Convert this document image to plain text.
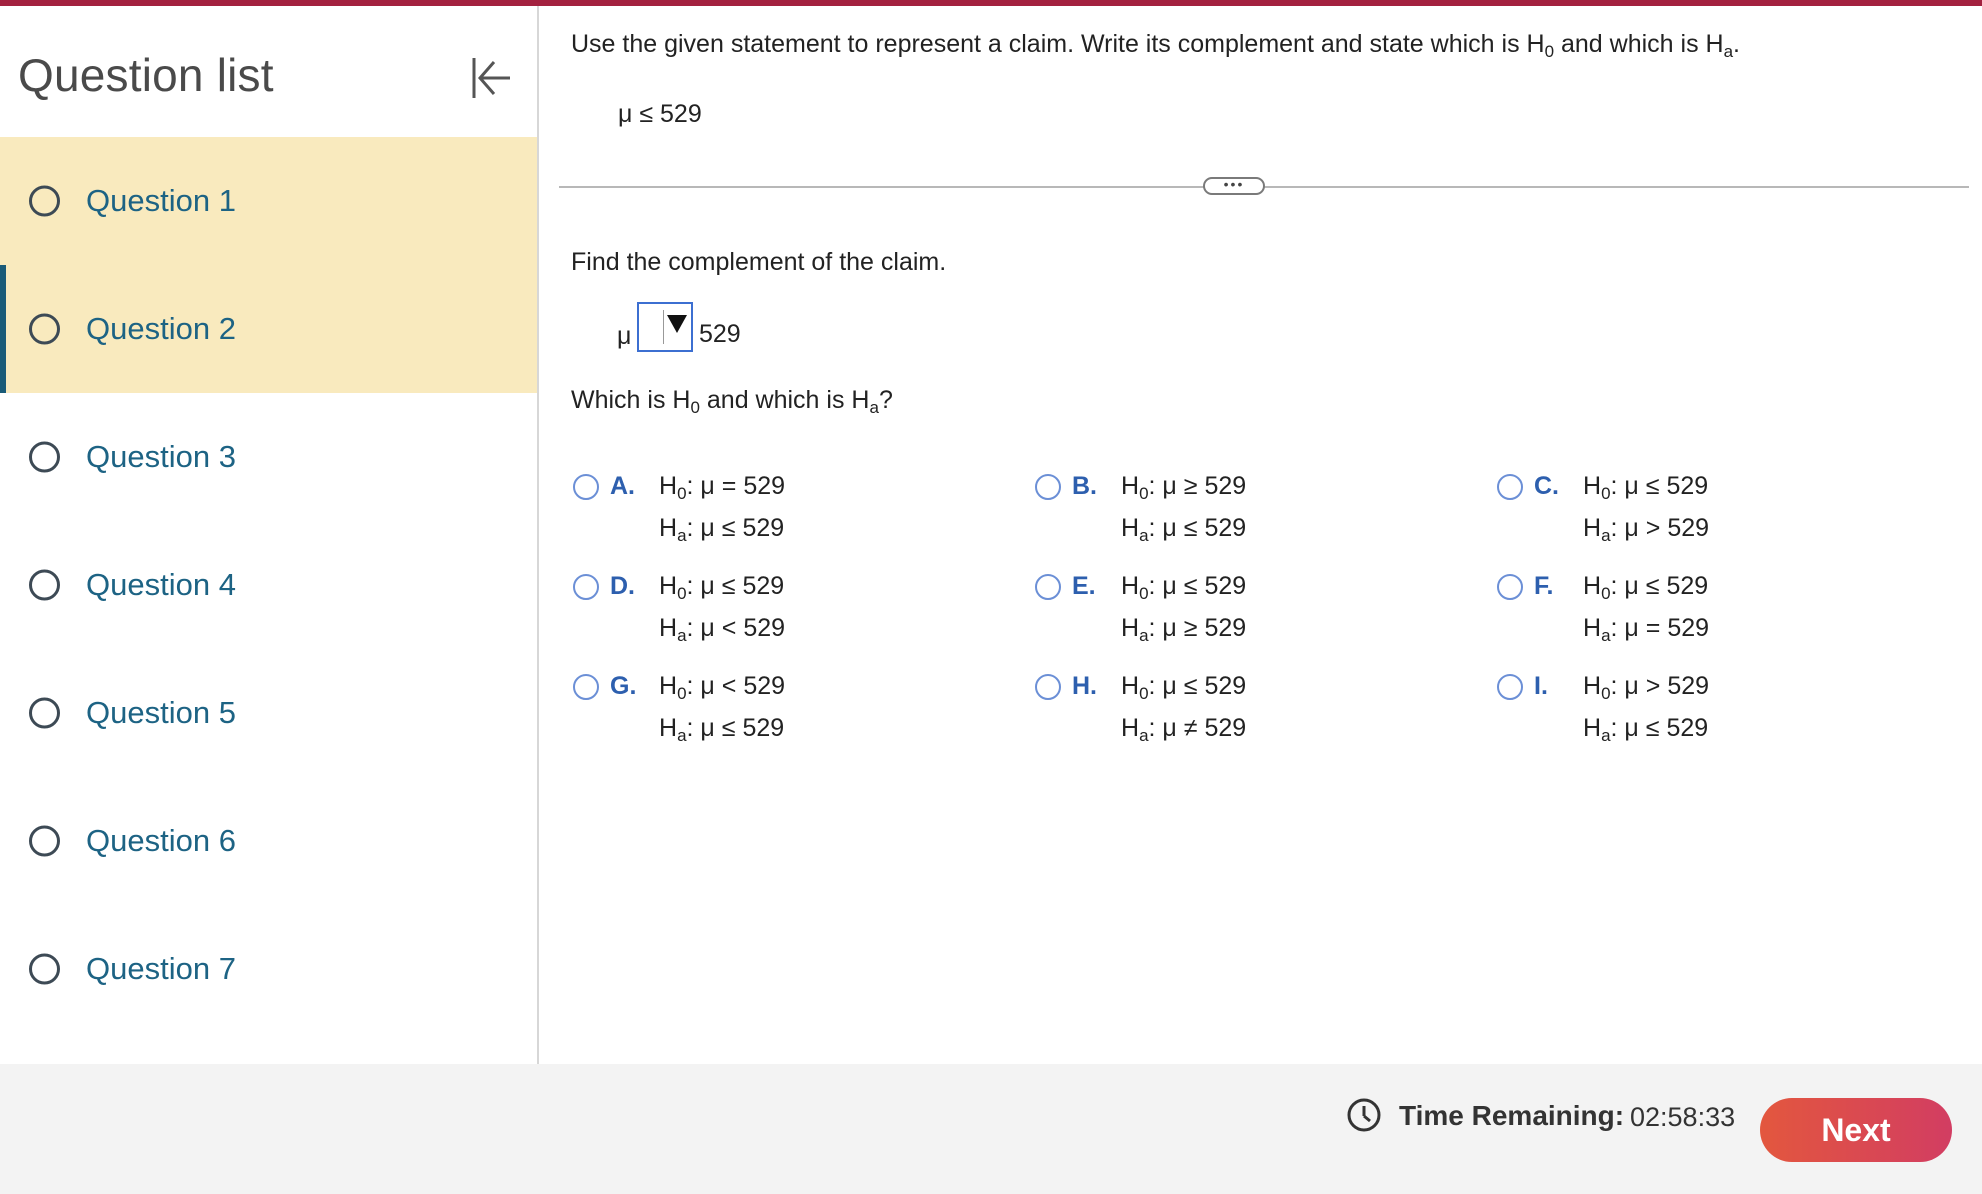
Question list
Question 1
Question 2
Question 3
Question 4
Question 5
Question 6
Question 7
Use the given statement to represent a claim. Write its complement and state which is $H_0$ and which is $H_a$.
μ ≤ 529
•••
Find the complement of the claim.
μ	529
Which is $H_0$ and which is $H_a$?
A. $H_0$: μ = 529
$H_a$: μ ≤ 529
B. $H_0$: μ ≥ 529
$H_a$: μ ≤ 529
C. $H_0$: μ ≤ 529
$H_a$: μ > 529
D. $H_0$: μ ≤ 529
$H_a$: μ < 529
E. $H_0$: μ ≤ 529
$H_a$: μ ≥ 529
F. $H_0$: μ ≤ 529
$H_a$: μ = 529
G. $H_0$: μ < 529
$H_a$: μ ≤ 529
H. $H_0$: μ ≤ 529
$H_a$: μ ≠ 529
I. $H_0$: μ > 529
$H_a$: μ ≤ 529
Time Remaining: 02:58:33	Next
